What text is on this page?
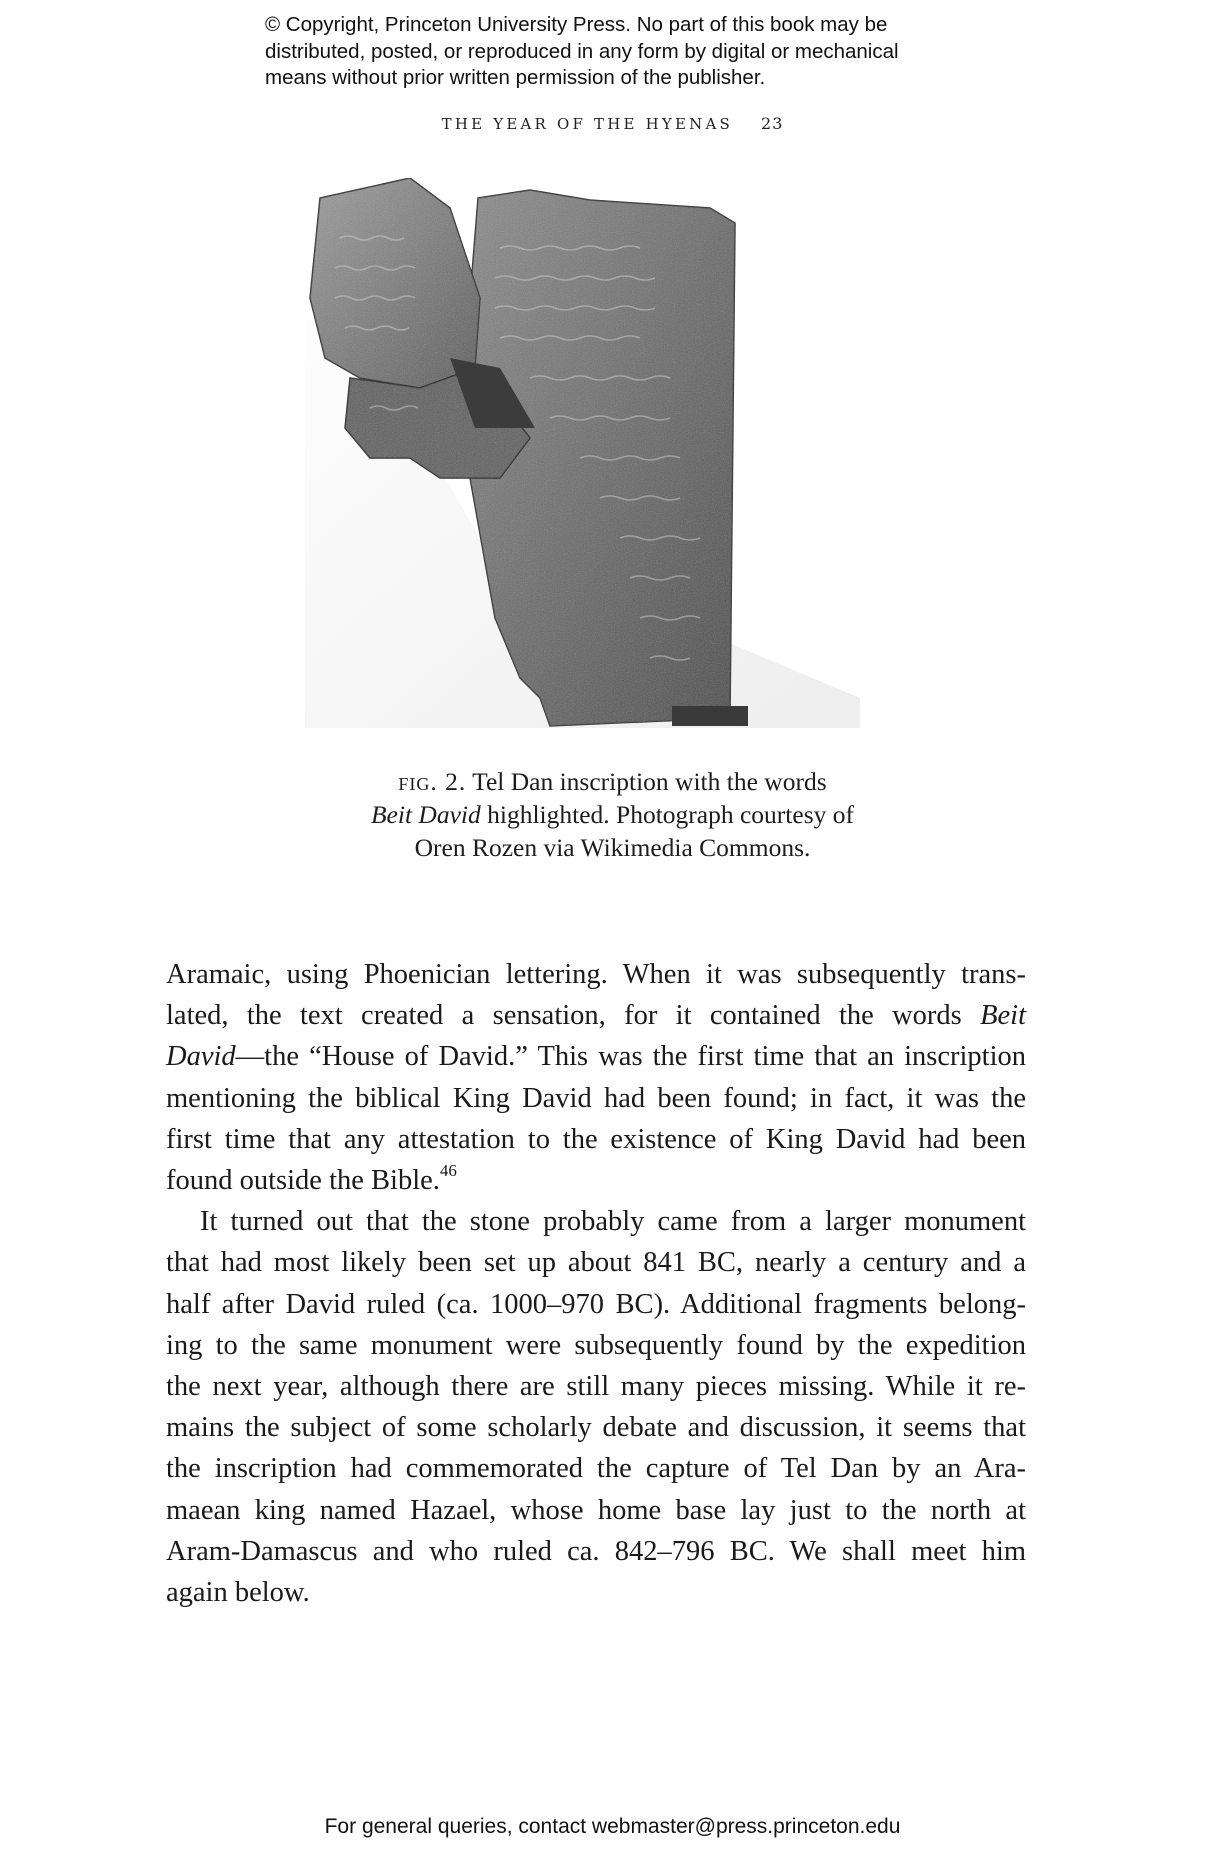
© Copyright, Princeton University Press. No part of this book may be
distributed, posted, or reproduced in any form by digital or mechanical
means without prior written permission of the publisher.
THE YEAR OF THE HYENAS 23
fig. 2. Tel Dan inscription with the words
Beit David highlighted. Photograph courtesy of
Oren Rozen via Wikimedia Commons.
Aramaic, using Phoenician lettering. When it was subsequently trans-
lated, the text created a sensation, for it contained the words Beit
David—the “House of David.” This was the first time that an inscription
mentioning the biblical King David had been found; in fact, it was the
first time that any attestation to the existence of King David had been
found outside the Bible.$^{46}$
It turned out that the stone probably came from a larger monument
that had most likely been set up about 841 BC, nearly a century and a
half after David ruled (ca. 1000–970 BC). Additional fragments belong-
ing to the same monument were subsequently found by the expedition
the next year, although there are still many pieces missing. While it re-
mains the subject of some scholarly debate and discussion, it seems that
the inscription had commemorated the capture of Tel Dan by an Ara-
maean king named Hazael, whose home base lay just to the north at
Aram-Damascus and who ruled ca. 842–796 BC. We shall meet him
again below.
For general queries, contact webmaster@press.princeton.edu
